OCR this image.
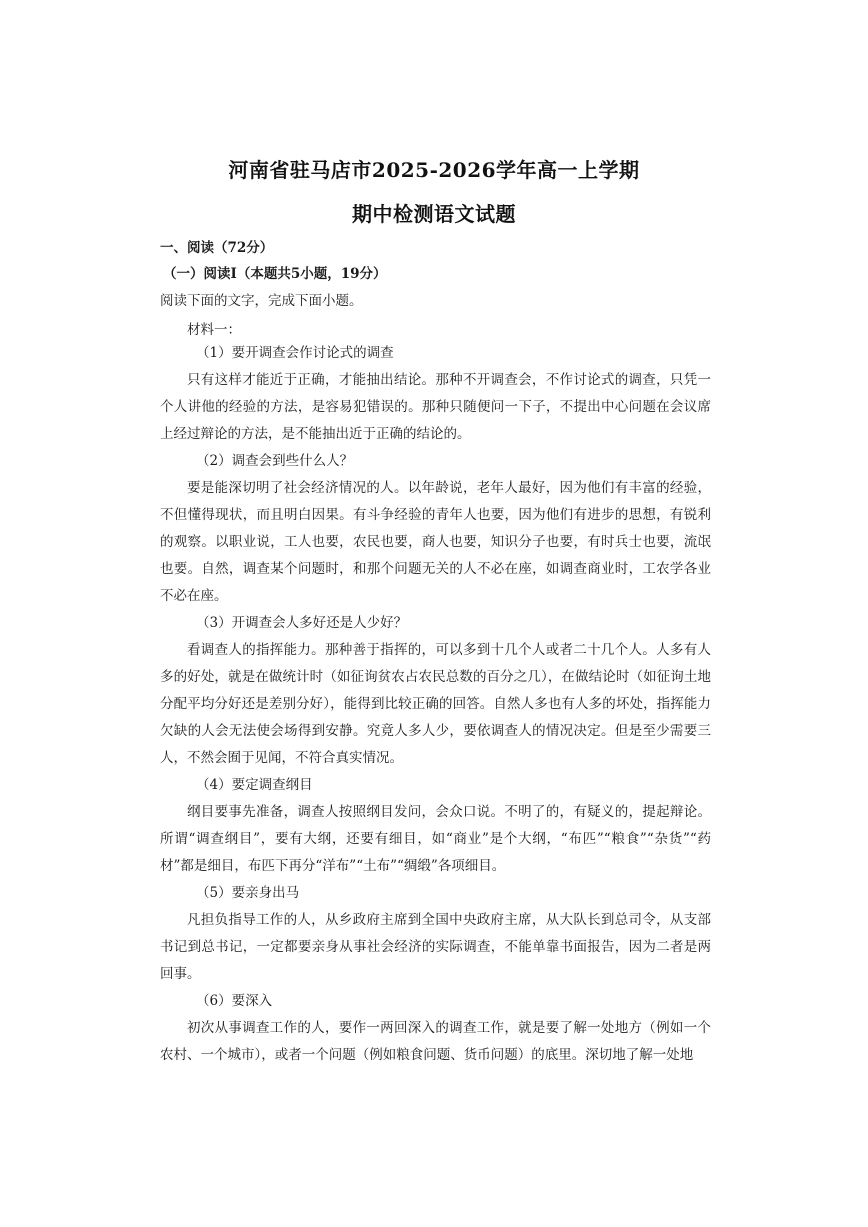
河南省驻马店市2025-2026学年高一上学期
期中检测语文试题
一、阅读（72分）
（一）阅读Ⅰ（本题共5小题，19分）
阅读下面的文字，完成下面小题。
材料一：

（1）要开调查会作讨论式的调查

只有这样才能近于正确，才能抽出结论。那种不开调查会，不作讨论式的调查，只凭一个人讲他的经验的方法，是容易犯错误的。那种只随便问一下子，不提出中心问题在会议席上经过辩论的方法，是不能抽出近于正确的结论的。

（2）调查会到些什么人？

要是能深切明了社会经济情况的人。以年龄说，老年人最好，因为他们有丰富的经验，不但懂得现状，而且明白因果。有斗争经验的青年人也要，因为他们有进步的思想，有锐利的观察。以职业说，工人也要，农民也要，商人也要，知识分子也要，有时兵士也要，流氓也要。自然，调查某个问题时，和那个问题无关的人不必在座，如调查商业时，工农学各业不必在座。

（3）开调查会人多好还是人少好？

看调查人的指挥能力。那种善于指挥的，可以多到十几个人或者二十几个人。人多有人多的好处，就是在做统计时（如征询贫农占农民总数的百分之几），在做结论时（如征询土地分配平均分好还是差别分好），能得到比较正确的回答。自然人多也有人多的坏处，指挥能力欠缺的人会无法使会场得到安静。究竟人多人少，要依调查人的情况决定。但是至少需要三人，不然会囿于见闻，不符合真实情况。

（4）要定调查纲目

纲目要事先准备，调查人按照纲目发问，会众口说。不明了的，有疑义的，提起辩论。所谓“调查纲目”，要有大纲，还要有细目，如“商业”是个大纲，“布匹”“粮食”“杂货”“药材”都是细目，布匹下再分“洋布”“土布”“绸缎”各项细目。

（5）要亲身出马

凡担负指导工作的人，从乡政府主席到全国中央政府主席，从大队长到总司令，从支部书记到总书记，一定都要亲身从事社会经济的实际调查，不能单靠书面报告，因为二者是两回事。

（6）要深入

初次从事调查工作的人，要作一两回深入的调查工作，就是要了解一处地方（例如一个农村、一个城市），或者一个问题（例如粮食问题、货币问题）的底里。深切地了解一处地
